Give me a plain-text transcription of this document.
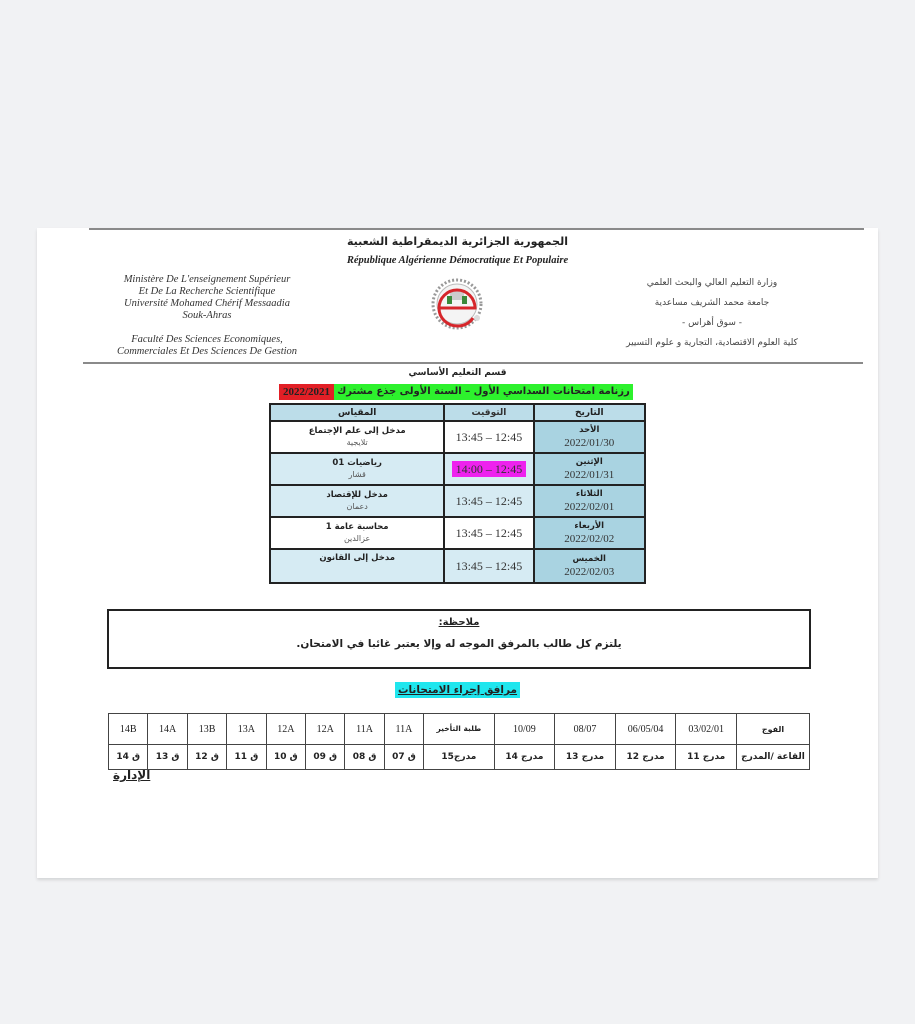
الجمهورية الجزائرية الديمقراطية الشعبية
République Algérienne Démocratique Et Populaire
Ministère De L'enseignement Supérieur
Et De La Recherche Scientifique
Université Mohamed Chérif Messaadia
Souk-Ahras
Faculté Des Sciences Economiques,
Commerciales Et Des Sciences De Gestion
وزارة التعليم العالي والبحث العلمي
جامعة محمد الشريف مساعدية
- سوق أهراس -
كلية العلوم الاقتصادية، التجارية و علوم التسيير
قسم التعليم الأساسي
رزنامة امتحانات السداسي الأول – السنة الأولى جذع مشترك
2022/2021
التاريخ	التوقيت	المقياس

الأحد
2022/01/30	12:45 – 13:45	مدخل إلى علم الإجتماع
تلايجية

الإثنين
2022/01/31	12:45 – 14:00	رياضيات 01
قشار

الثلاثاء
2022/02/01	12:45 – 13:45	مدخل للإقتصاد
دعمان

الأربعاء
2022/02/02	12:45 – 13:45	محاسبة عامة 1
عزالدين

الخميس
2022/02/03	12:45 – 13:45	مدخل إلى القانون
ملاحظة:
يلتزم كل طالب بالمرفق الموجه له وإلا يعتبر غائبا في الامتحان.
مرافق إجراء الامتحانات
الفوج	03/02/01	06/05/04	08/07	10/09	طلبة التأخير	11A	11A	12A	12A	13A	13B	14A	14B
القاعة /المدرج	مدرج 11	مدرج 12	مدرج 13	مدرج 14	مدرج15	ق 07	ق 08	ق 09	ق 10	ق 11	ق 12	ق 13	ق 14
الإدارة
